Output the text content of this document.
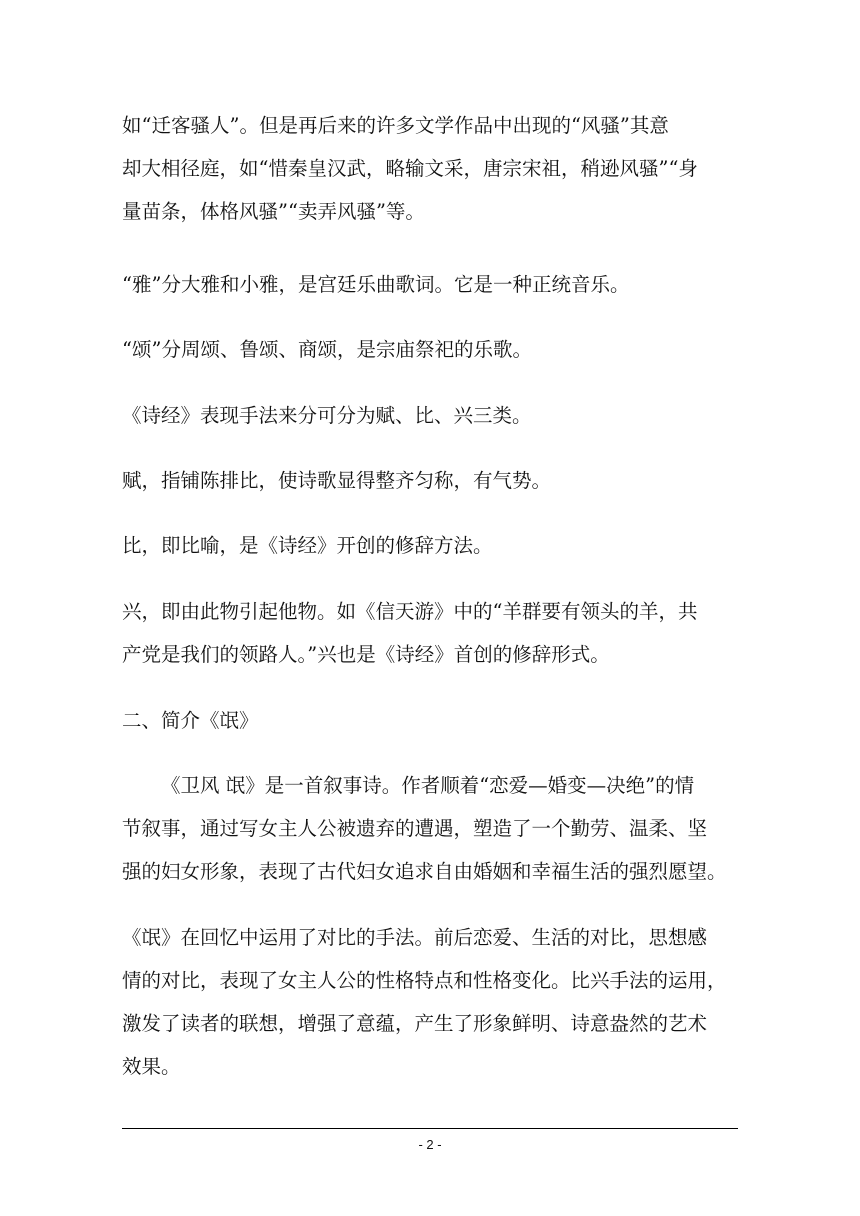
如“迁客骚人”。但是再后来的许多文学作品中出现的“风骚”其意
却大相径庭，如“惜秦皇汉武，略输文采，唐宗宋祖，稍逊风骚”“身
量苗条，体格风骚”“卖弄风骚”等。
“雅”分大雅和小雅，是宫廷乐曲歌词。它是一种正统音乐。
“颂”分周颂、鲁颂、商颂，是宗庙祭祀的乐歌。
《诗经》表现手法来分可分为赋、比、兴三类。
赋，指铺陈排比，使诗歌显得整齐匀称，有气势。
比，即比喻，是《诗经》开创的修辞方法。
兴，即由此物引起他物。如《信天游》中的“羊群要有领头的羊，共
产党是我们的领路人。”兴也是《诗经》首创的修辞形式。
二、简介《氓》
《卫风 氓》是一首叙事诗。作者顺着“恋爱—婚变—决绝”的情
节叙事，通过写女主人公被遗弃的遭遇，塑造了一个勤劳、温柔、坚
强的妇女形象，表现了古代妇女追求自由婚姻和幸福生活的强烈愿望。
《氓》在回忆中运用了对比的手法。前后恋爱、生活的对比，思想感
情的对比，表现了女主人公的性格特点和性格变化。比兴手法的运用，
激发了读者的联想，增强了意蕴，产生了形象鲜明、诗意盎然的艺术
效果。
- 2 -
